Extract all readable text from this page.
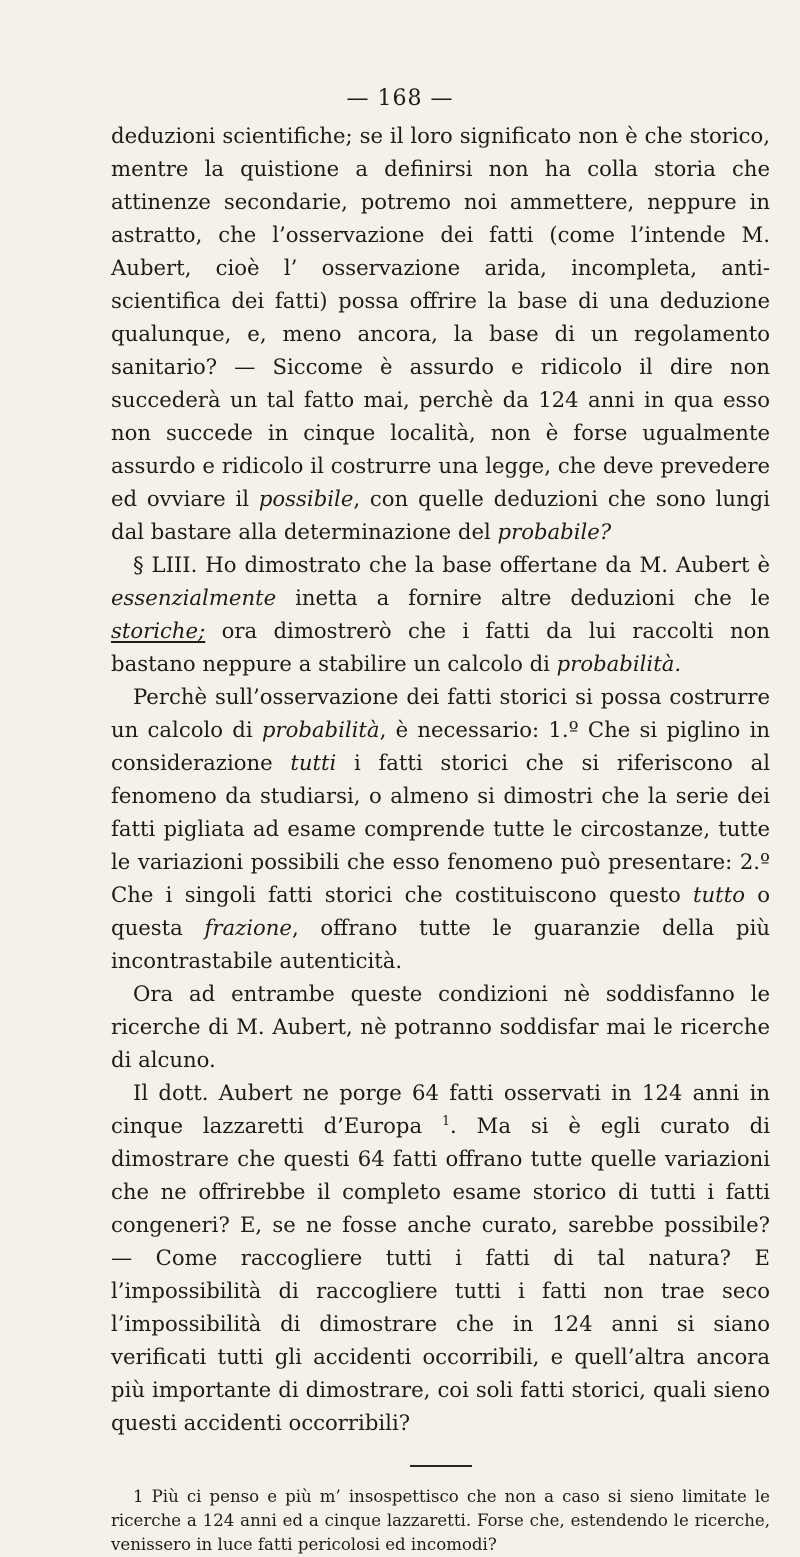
— 168 —

deduzioni scientifiche; se il loro significato non è che storico, mentre la quistione a definirsi non ha colla storia che attinenze secondarie, potremo noi ammettere, neppure in astratto, che l’osservazione dei fatti (come l’intende M. Aubert, cioè l’ osservazione arida, incompleta, anti-scientifica dei fatti) possa offrire la base di una deduzione qualunque, e, meno ancora, la base di un regolamento sanitario? — Siccome è assurdo e ridicolo il dire non succederà un tal fatto mai, perchè da 124 anni in qua esso non succede in cinque località, non è forse ugualmente assurdo e ridicolo il costrurre una legge, che deve prevedere ed ovviare il possibile, con quelle deduzioni che sono lungi dal bastare alla determinazione del probabile?

§ LIII. Ho dimostrato che la base offertane da M. Aubert è essenzialmente inetta a fornire altre deduzioni che le storiche; ora dimostrerò che i fatti da lui raccolti non bastano neppure a stabilire un calcolo di probabilità.

Perchè sull’osservazione dei fatti storici si possa costrurre un calcolo di probabilità, è necessario: 1.º Che si piglino in considerazione tutti i fatti storici che si riferiscono al fenomeno da studiarsi, o almeno si dimostri che la serie dei fatti pigliata ad esame comprende tutte le circostanze, tutte le variazioni possibili che esso fenomeno può presentare: 2.º Che i singoli fatti storici che costituiscono questo tutto o questa frazione, offrano tutte le guaranzie della più incontrastabile autenticità.

Ora ad entrambe queste condizioni nè soddisfanno le ricerche di M. Aubert, nè potranno soddisfar mai le ricerche di alcuno.

Il dott. Aubert ne porge 64 fatti osservati in 124 anni in cinque lazzaretti d’Europa $^1$. Ma si è egli curato di dimostrare che questi 64 fatti offrano tutte quelle variazioni che ne offrirebbe il completo esame storico di tutti i fatti congeneri? E, se ne fosse anche curato, sarebbe possibile? — Come raccogliere tutti i fatti di tal natura? E l’impossibilità di raccogliere tutti i fatti non trae seco l’impossibilità di dimostrare che in 124 anni si siano verificati tutti gli accidenti occorribili, e quell’altra ancora più importante di dimostrare, coi soli fatti storici, quali sieno questi accidenti occorribili?

1 Più ci penso e più m’ insospettisco che non a caso si sieno limitate le ricerche a 124 anni ed a cinque lazzaretti. Forse che, estendendo le ricerche, venissero in luce fatti pericolosi ed incomodi?
